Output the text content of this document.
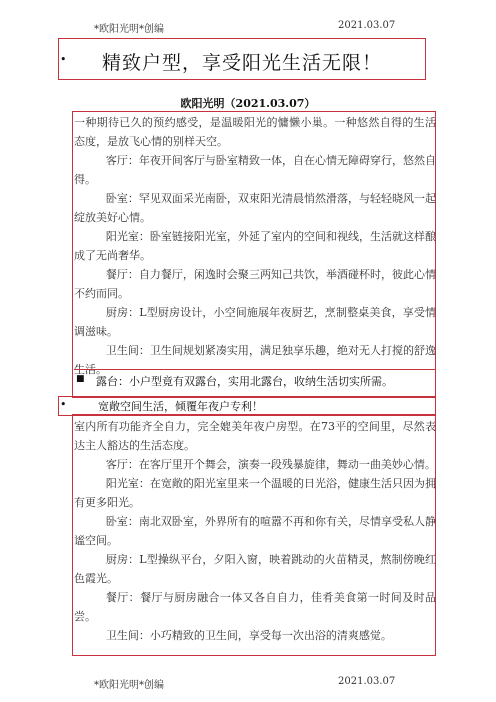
*欧阳光明*创编	2021.03.07
• 精致户型，享受阳光生活无限！
欧阳光明（2021.03.07）

一种期待已久的预约感受，是温暖阳光的慵懒小巢。一种悠然自得的生活态度，是放飞心情的别样天空。

客厅：年夜开间客厅与卧室精致一体，自在心情无障碍穿行，悠然自得。

卧室：罕见双面采光南卧，双束阳光清晨悄然滑落，与轻轻晓风一起绽放美好心情。

阳光室：卧室链接阳光室，外延了室内的空间和视线，生活就这样酿成了无尚奢华。

餐厅：自力餐厅，闲逸时会聚三两知己共饮，举酒碰杯时，彼此心情不约而同。

厨房：L型厨房设计，小空间施展年夜厨艺，烹制整桌美食，享受情调滋味。

卫生间：卫生间规划紧凑实用，满足独享乐趣，绝对无人打搅的舒逸生活。

■ 露台：小户型竟有双露台，实用北露台，收纳生活切实所需。
•	宽敞空间生活，倾覆年夜户专利！

室内所有功能齐全自力，完全媲美年夜户房型。在73平的空间里，尽然表达主人豁达的生活态度。

客厅：在客厅里开个舞会，演奏一段残暴旋律，舞动一曲美妙心情。

阳光室：在宽敞的阳光室里来一个温暖的日光浴，健康生活只因为拥有更多阳光。

卧室：南北双卧室，外界所有的喧嚣不再和你有关，尽情享受私人静谧空间。

厨房：L型操纵平台，夕阳入窗，映着跳动的火苗精灵，熬制傍晚红色霞光。

餐厅：餐厅与厨房融合一体又各自自力，佳肴美食第一时间及时品尝。

卫生间：小巧精致的卫生间，享受每一次出浴的清爽感觉。

*欧阳光明*创编	2021.03.07
